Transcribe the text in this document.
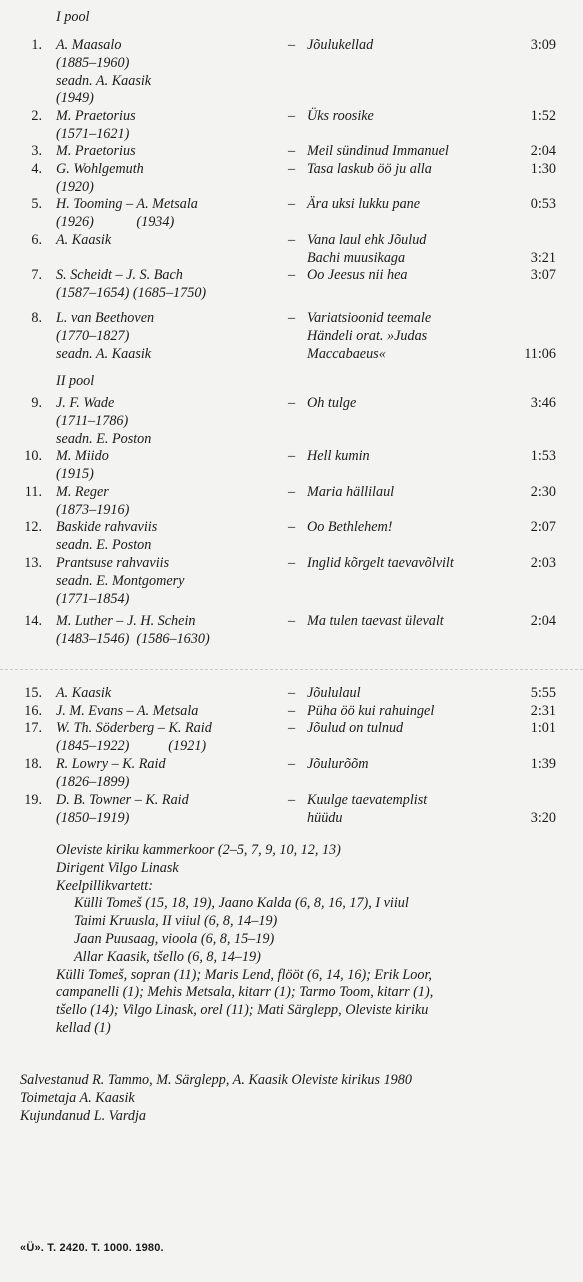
I pool
1. A. Maasalo
(1885–1960)
seadn. A. Kaasik
(1949)
– Jõulukellad	3:09
2. M. Praetorius
(1571–1621)
– Üks roosike	1:52
3. M. Praetorius	– Meil sündinud Immanuel	2:04
4. G. Wohlgemuth
(1920)
– Tasa laskub öö ju alla	1:30
5. H. Tooming – A. Metsala
(1926)            (1934)
– Ära uksi lukku pane	0:53
6. A. Kaasik	– Vana laul ehk Jõulud
Bachi muusikaga	3:21
7. S. Scheidt – J. S. Bach
(1587–1654) (1685–1750)
– Oo Jeesus nii hea	3:07
8. L. van Beethoven
(1770–1827)
seadn. A. Kaasik
– Variatsioonid teemale
Händeli orat. »Judas
Maccabaeus«	11:06
II pool
9. J. F. Wade
(1711–1786)
seadn. E. Poston
– Oh tulge	3:46
10. M. Miido
(1915)
– Hell kumin	1:53
11. M. Reger
(1873–1916)
– Maria hällilaul	2:30
12. Baskide rahvaviis
seadn. E. Poston
– Oo Bethlehem!	2:07
13. Prantsuse rahvaviis
seadn. E. Montgomery
(1771–1854)
– Inglid kõrgelt taevavõlvilt	2:03
14. M. Luther – J. H. Schein
(1483–1546)  (1586–1630)
– Ma tulen taevast ülevalt	2:04
15. A. Kaasik	– Jõululaul	5:55
16. J. M. Evans – A. Metsala	– Püha öö kui rahuingel	2:31
17. W. Th. Söderberg – K. Raid
(1845–1922)           (1921)
– Jõulud on tulnud	1:01
18. R. Lowry – K. Raid
(1826–1899)
– Jõulurõõm	1:39
19. D. B. Towner – K. Raid
(1850–1919)
– Kuulge taevatemplist
hüüdu	3:20
Oleviste kiriku kammerkoor (2–5, 7, 9, 10, 12, 13)
Dirigent Vilgo Linask
Keelpillikvartett:
Külli Tomeš (15, 18, 19), Jaano Kalda (6, 8, 16, 17), I viiul
Taimi Kruusla, II viiul (6, 8, 14–19)
Jaan Puusaag, vioola (6, 8, 15–19)
Allar Kaasik, tšello (6, 8, 14–19)
Külli Tomeš, sopran (11); Maris Lend, flööt (6, 14, 16); Erik Loor,
campanelli (1); Mehis Metsala, kitarr (1); Tarmo Toom, kitarr (1),
tšello (14); Vilgo Linask, orel (11); Mati Särglepp, Oleviste kiriku
kellad (1)
Salvestanud R. Tammo, M. Särglepp, A. Kaasik Oleviste kirikus 1980
Toimetaja A. Kaasik
Kujundanud L. Vardja
«Ü». T. 2420. T. 1000. 1980.
